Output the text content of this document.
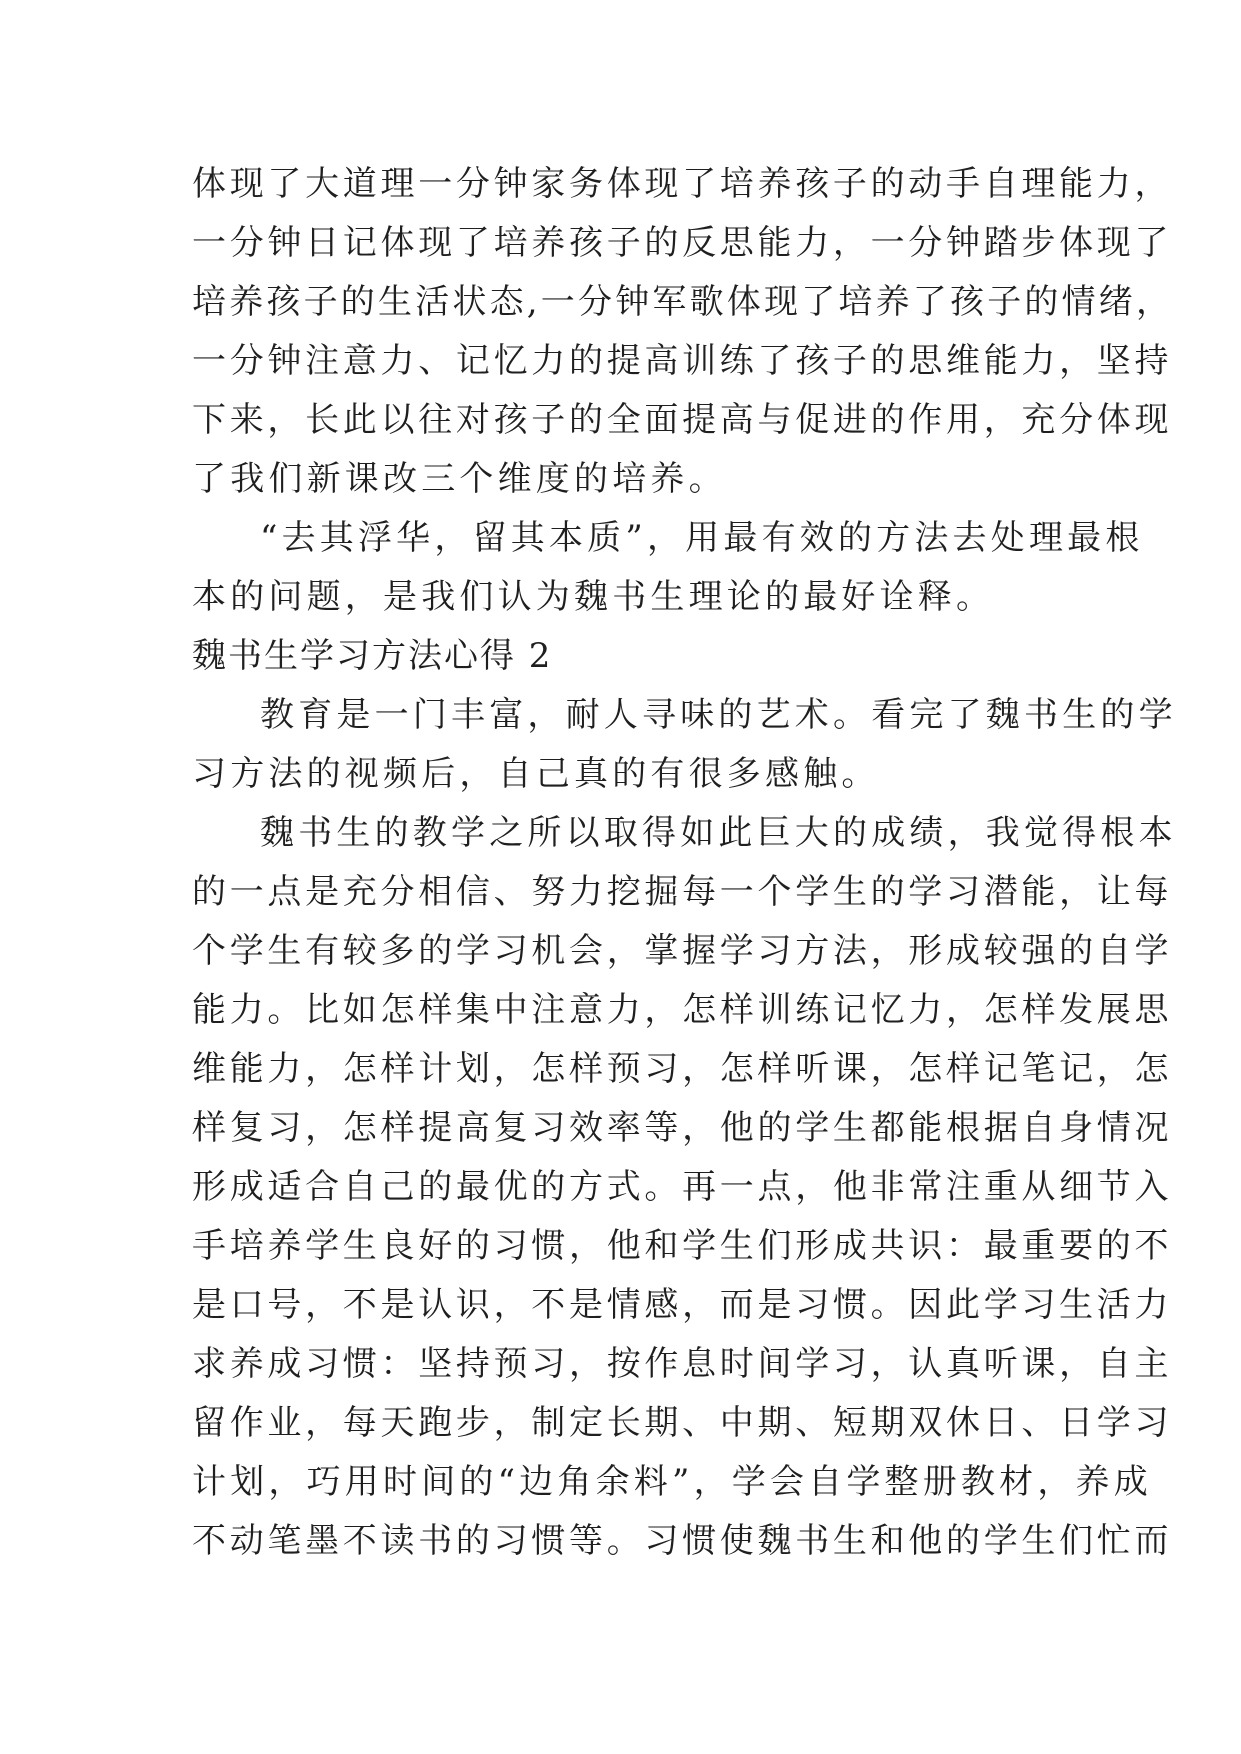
体现了大道理一分钟家务体现了培养孩子的动手自理能力，

一分钟日记体现了培养孩子的反思能力，一分钟踏步体现了

培养孩子的生活状态,一分钟军歌体现了培养了孩子的情绪，

一分钟注意力、记忆力的提高训练了孩子的思维能力，坚持

下来，长此以往对孩子的全面提高与促进的作用，充分体现

了我们新课改三个维度的培养。

“去其浮华，留其本质”，用最有效的方法去处理最根

本的问题，是我们认为魏书生理论的最好诠释。

魏书生学习方法心得 2

教育是一门丰富，耐人寻味的艺术。看完了魏书生的学

习方法的视频后，自己真的有很多感触。

魏书生的教学之所以取得如此巨大的成绩，我觉得根本

的一点是充分相信、努力挖掘每一个学生的学习潜能，让每

个学生有较多的学习机会，掌握学习方法，形成较强的自学

能力。比如怎样集中注意力，怎样训练记忆力，怎样发展思

维能力，怎样计划，怎样预习，怎样听课，怎样记笔记，怎

样复习，怎样提高复习效率等，他的学生都能根据自身情况

形成适合自己的最优的方式。再一点，他非常注重从细节入

手培养学生良好的习惯，他和学生们形成共识：最重要的不

是口号，不是认识，不是情感，而是习惯。因此学习生活力

求养成习惯：坚持预习，按作息时间学习，认真听课，自主

留作业，每天跑步，制定长期、中期、短期双休日、日学习

计划，巧用时间的“边角余料”，学会自学整册教材，养成

不动笔墨不读书的习惯等。习惯使魏书生和他的学生们忙而
